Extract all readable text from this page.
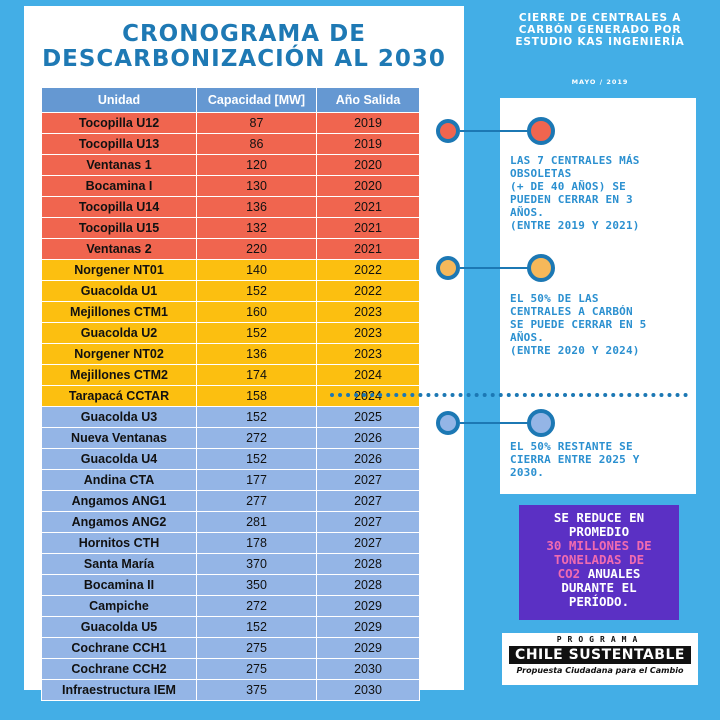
CRONOGRAMA DE
DESCARBONIZACIÓN AL 2030
Unidad	Capacidad [MW]	Año Salida
Tocopilla U12	87	2019
Tocopilla U13	86	2019
Ventanas 1	120	2020
Bocamina I	130	2020
Tocopilla U14	136	2021
Tocopilla U15	132	2021
Ventanas 2	220	2021
Norgener NT01	140	2022
Guacolda U1	152	2022
Mejillones CTM1	160	2023
Guacolda U2	152	2023
Norgener NT02	136	2023
Mejillones CTM2	174	2024
Tarapacá CCTAR	158	2024
Guacolda U3	152	2025
Nueva Ventanas	272	2026
Guacolda U4	152	2026
Andina CTA	177	2027
Angamos ANG1	277	2027
Angamos ANG2	281	2027
Hornitos CTH	178	2027
Santa María	370	2028
Bocamina II	350	2028
Campiche	272	2029
Guacolda U5	152	2029
Cochrane CCH1	275	2029
Cochrane CCH2	275	2030
Infraestructura IEM	375	2030
CIERRE DE CENTRALES A
CARBÓN GENERADO POR
ESTUDIO KAS INGENIERÍA
MAYO / 2019
LAS 7 CENTRALES MÁS
OBSOLETAS
(+ DE 40 AÑOS) SE
PUEDEN CERRAR EN 3
AÑOS.
(ENTRE 2019 Y 2021)
EL 50% DE LAS
CENTRALES A CARBÓN
SE PUEDE CERRAR EN 5
AÑOS.
(ENTRE 2020 Y 2024)
EL 50% RESTANTE SE
CIERRA ENTRE 2025 Y
2030.
SE REDUCE EN
PROMEDIO
30 MILLONES DE
TONELADAS DE
CO2 ANUALES
DURANTE EL
PERÍODO.
PROGRAMA
CHILE SUSTENTABLE
Propuesta Ciudadana para el Cambio
